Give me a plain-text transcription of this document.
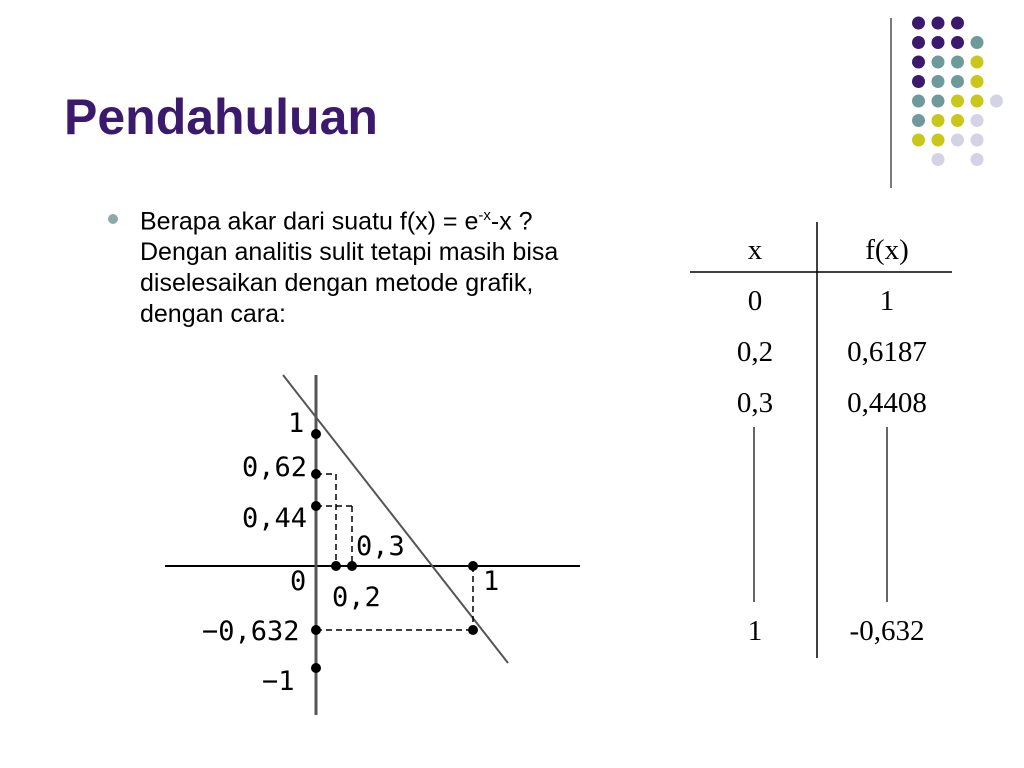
Pendahuluan
Berapa akar dari suatu $f(x) = e^{-x}-x$ ?
Dengan analitis sulit tetapi masih bisa diselesaikan dengan metode grafik, dengan cara:
x	f(x)
0	1
0,2	0,6187
0,3	0,4408
1	-0,632
1
0,62
0,44
0,3
0	1
0,2
−0,632
−1
